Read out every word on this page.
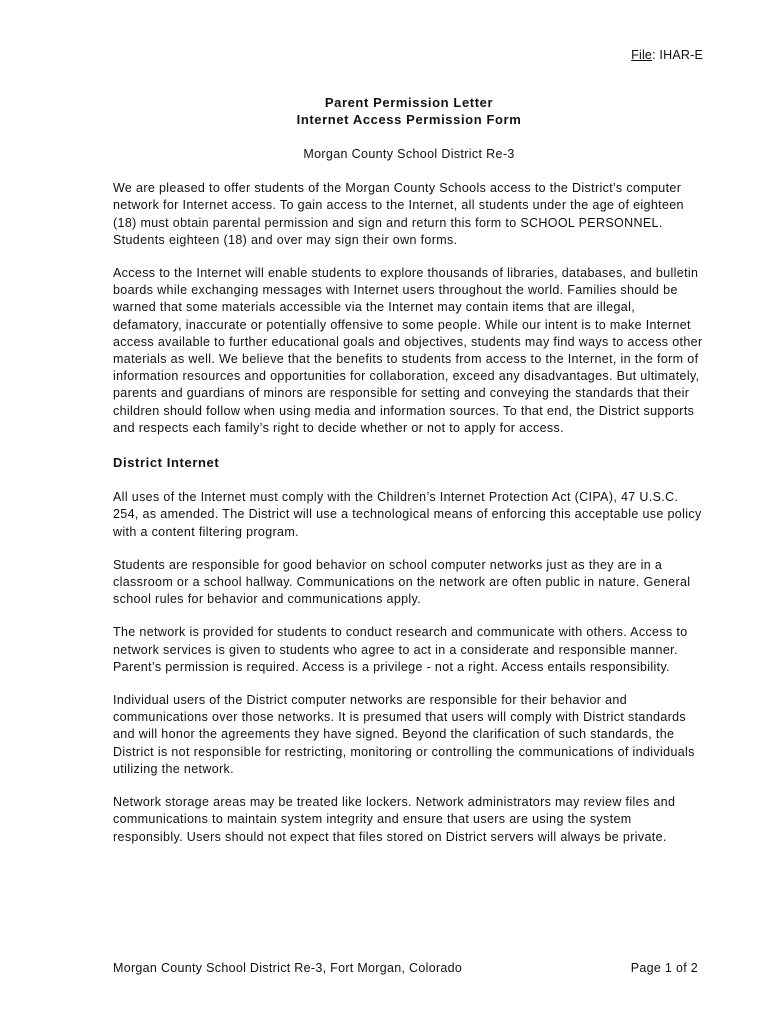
File: IHAR-E

Parent Permission Letter

Internet Access Permission Form

Morgan County School District Re-3

We are pleased to offer students of the Morgan County Schools access to the District’s computer network for Internet access. To gain access to the Internet, all students under the age of eighteen (18) must obtain parental permission and sign and return this form to SCHOOL PERSONNEL. Students eighteen (18) and over may sign their own forms.

Access to the Internet will enable students to explore thousands of libraries, databases, and bulletin boards while exchanging messages with Internet users throughout the world. Families should be warned that some materials accessible via the Internet may contain items that are illegal, defamatory, inaccurate or potentially offensive to some people. While our intent is to make Internet access available to further educational goals and objectives, students may find ways to access other materials as well. We believe that the benefits to students from access to the Internet, in the form of information resources and opportunities for collaboration, exceed any disadvantages. But ultimately, parents and guardians of minors are responsible for setting and conveying the standards that their children should follow when using media and information sources. To that end, the District supports and respects each family’s right to decide whether or not to apply for access.

District Internet

All uses of the Internet must comply with the Children’s Internet Protection Act (CIPA), 47 U.S.C. 254, as amended. The District will use a technological means of enforcing this acceptable use policy with a content filtering program.

Students are responsible for good behavior on school computer networks just as they are in a classroom or a school hallway. Communications on the network are often public in nature. General school rules for behavior and communications apply.

The network is provided for students to conduct research and communicate with others. Access to network services is given to students who agree to act in a considerate and responsible manner. Parent’s permission is required. Access is a privilege - not a right. Access entails responsibility.

Individual users of the District computer networks are responsible for their behavior and communications over those networks. It is presumed that users will comply with District standards and will honor the agreements they have signed. Beyond the clarification of such standards, the District is not responsible for restricting, monitoring or controlling the communications of individuals utilizing the network.

Network storage areas may be treated like lockers. Network administrators may review files and communications to maintain system integrity and ensure that users are using the system responsibly. Users should not expect that files stored on District servers will always be private.

Morgan County School District Re-3, Fort Morgan, Colorado	Page 1 of 2
